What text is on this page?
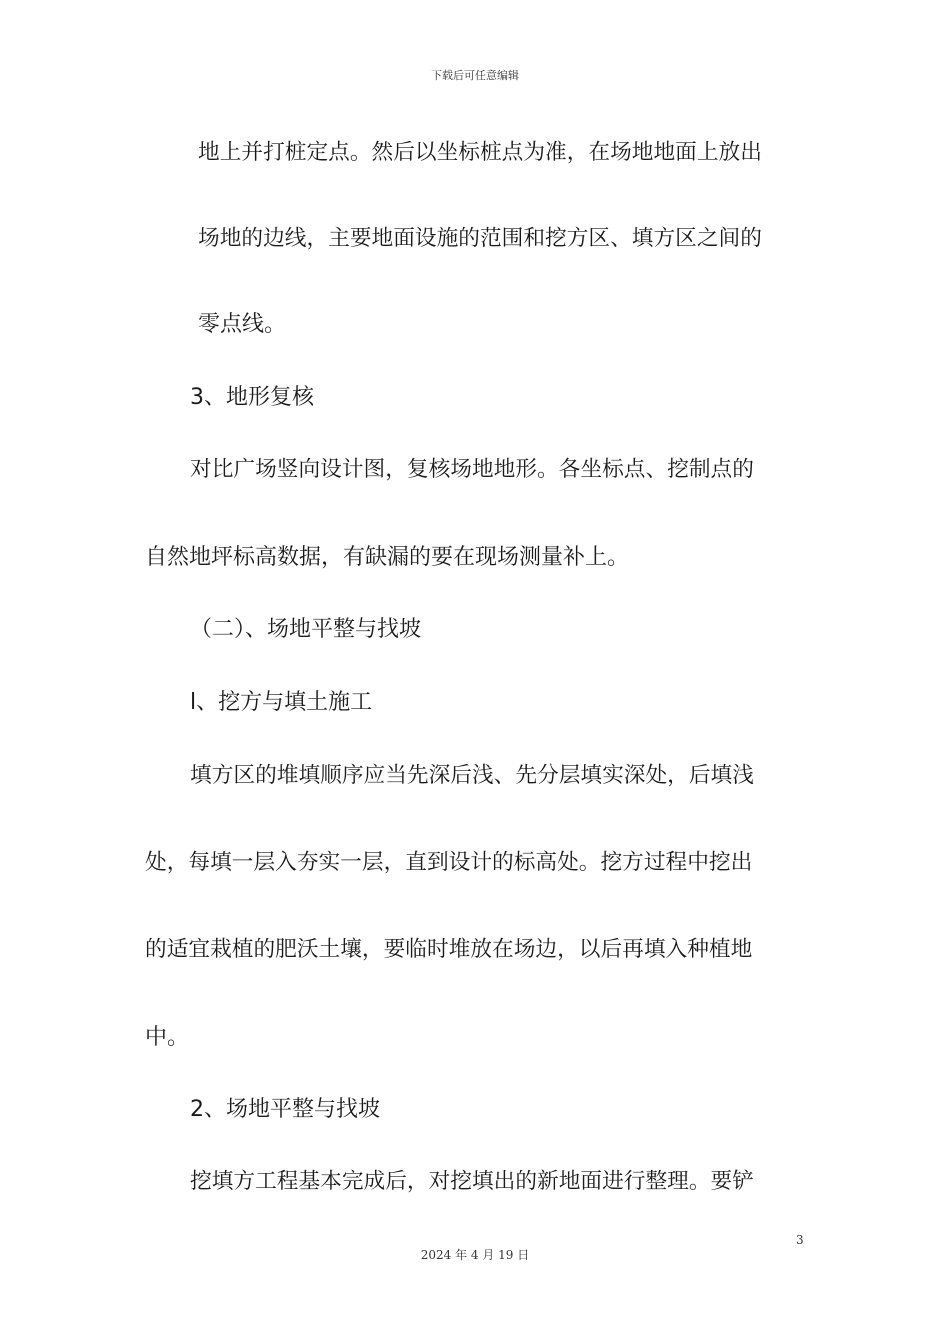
下载后可任意编辑
地上并打桩定点。然后以坐标桩点为准，在场地地面上放出
场地的边线，主要地面设施的范围和挖方区、填方区之间的
零点线。
3、地形复核
对比广场竖向设计图，复核场地地形。各坐标点、挖制点的
自然地坪标高数据，有缺漏的要在现场测量补上。
（二）、场地平整与找坡
l、挖方与填土施工
填方区的堆填顺序应当先深后浅、先分层填实深处，后填浅
处，每填一层入夯实一层，直到设计的标高处。挖方过程中挖出
的适宜栽植的肥沃土壤，要临时堆放在场边，以后再填入种植地
中。
2、场地平整与找坡
挖填方工程基本完成后，对挖填出的新地面进行整理。要铲
3
2024 年 4 月 19 日
